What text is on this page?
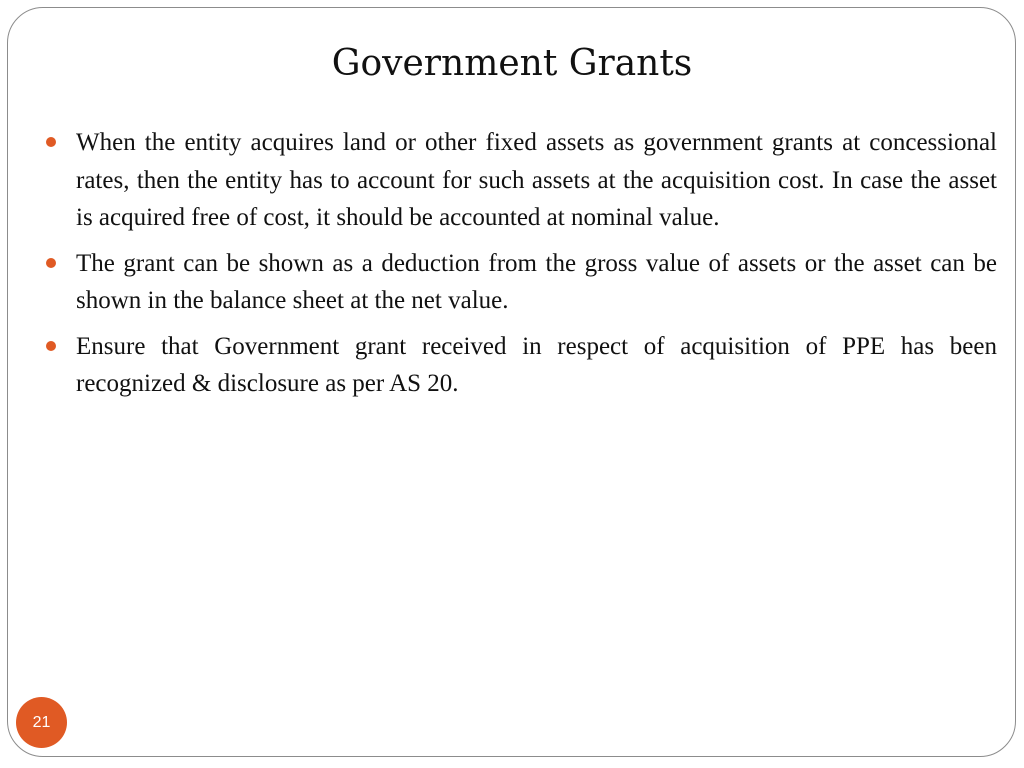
Government Grants
When the entity acquires land or other fixed assets as government grants at concessional rates, then the entity has to account for such assets at the acquisition cost. In case the asset is acquired free of cost, it should be accounted at nominal value.
The grant can be shown as a deduction from the gross value of assets or the asset can be shown in the balance sheet at the net value.
Ensure that Government grant received in respect of acquisition of PPE has been recognized & disclosure as per AS 20.
21
